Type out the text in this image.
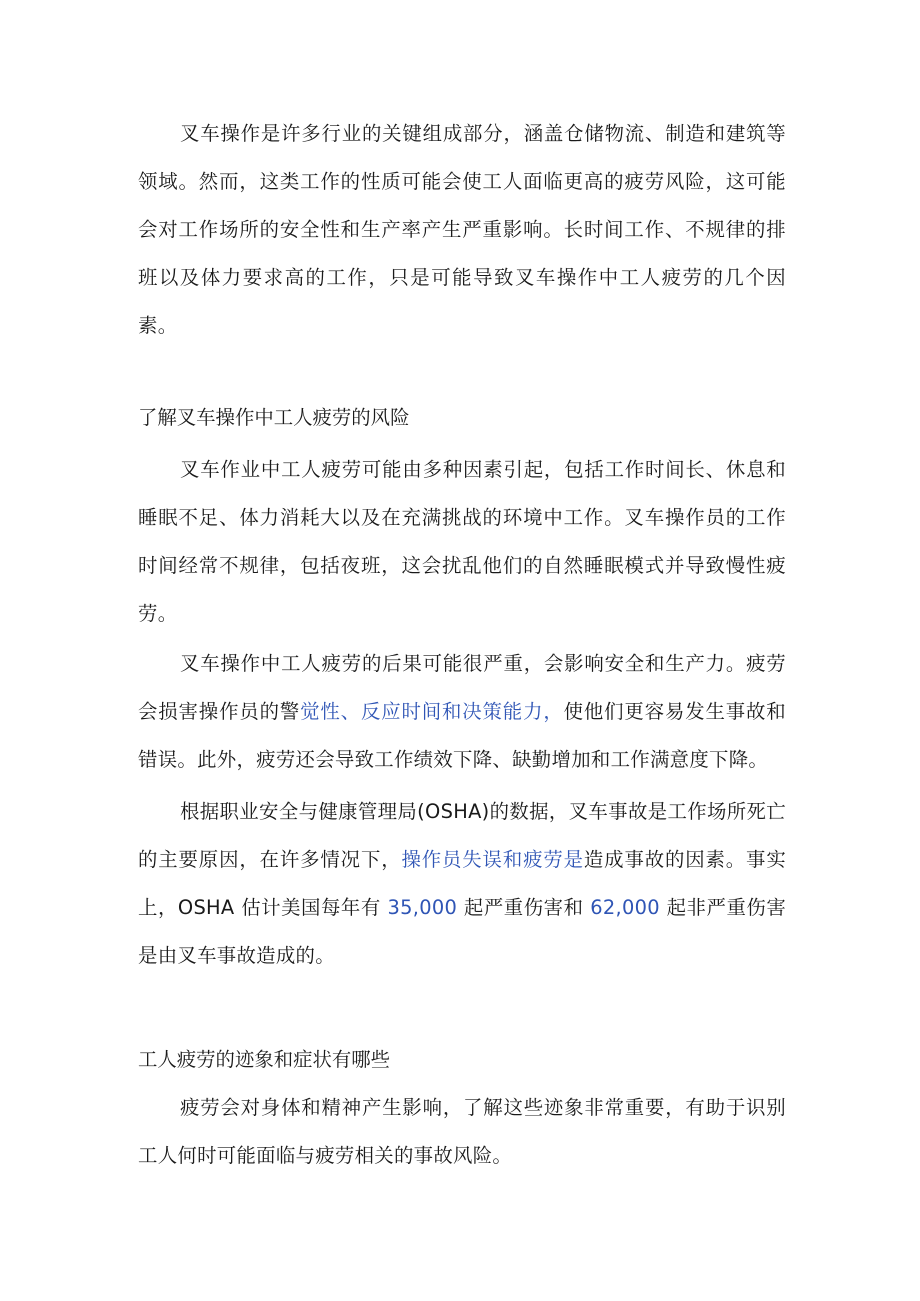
叉车操作是许多行业的关键组成部分，涵盖仓储物流、制造和建筑等领域。然而，这类工作的性质可能会使工人面临更高的疲劳风险，这可能会对工作场所的安全性和生产率产生严重影响。长时间工作、不规律的排班以及体力要求高的工作，只是可能导致叉车操作中工人疲劳的几个因素。

了解叉车操作中工人疲劳的风险

叉车作业中工人疲劳可能由多种因素引起，包括工作时间长、休息和睡眠不足、体力消耗大以及在充满挑战的环境中工作。叉车操作员的工作时间经常不规律，包括夜班，这会扰乱他们的自然睡眠模式并导致慢性疲劳。

叉车操作中工人疲劳的后果可能很严重，会影响安全和生产力。疲劳会损害操作员的警觉性、反应时间和决策能力，使他们更容易发生事故和错误。此外，疲劳还会导致工作绩效下降、缺勤增加和工作满意度下降。

根据职业安全与健康管理局(OSHA)的数据，叉车事故是工作场所死亡的主要原因，在许多情况下，操作员失误和疲劳是造成事故的因素。事实上，OSHA 估计美国每年有 35,000 起严重伤害和 62,000 起非严重伤害是由叉车事故造成的。

工人疲劳的迹象和症状有哪些

疲劳会对身体和精神产生影响，了解这些迹象非常重要，有助于识别工人何时可能面临与疲劳相关的事故风险。
